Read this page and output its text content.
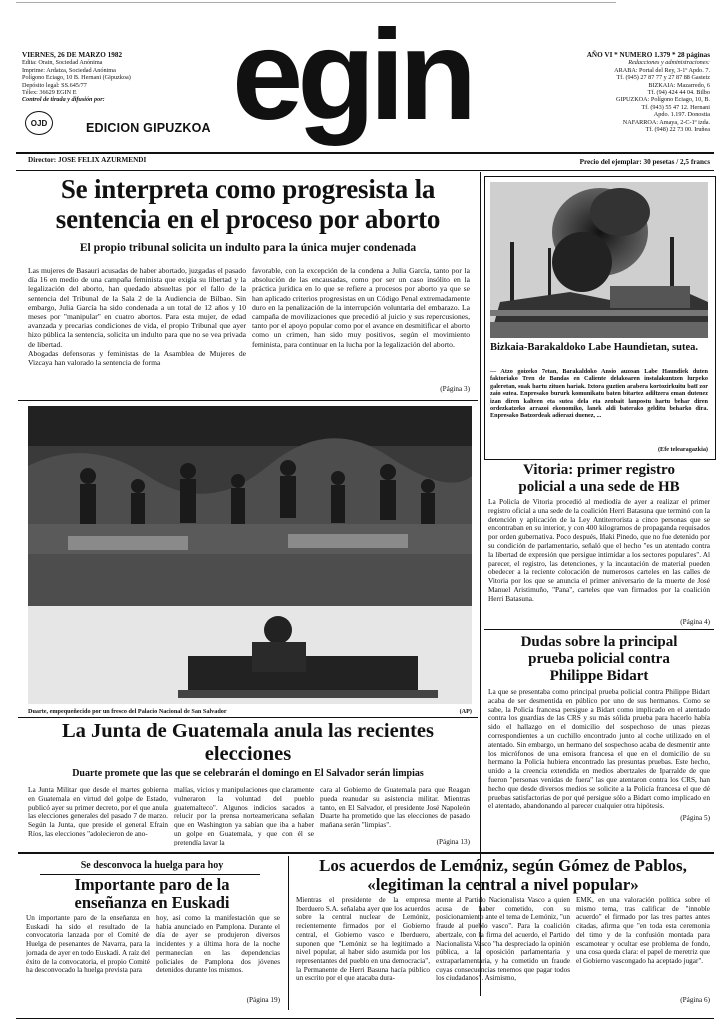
VIERNES, 26 DE MARZO 1982
Edita: Orain, Sociedad Anónima
Imprime: Ardatza, Sociedad Anónima
Polígono Eciago, 10 B. Hernani (Gipuzkoa)
Depósito legal: SS.645/77
Télex: 36629 EGIN E
Control de tirada y difusión por:
OJD	EDICION GIPUZKOA egin	AÑO VI * NUMERO 1.379 * 28 páginas
Redacciones y administraciones:
ARABA: Portal del Rey, 3-1º Apdo. 7.
Tf. (945) 27 87 77 y 27 87 88 Gasteiz
BIZKAIA: Mazarredo, 6
Tf. (94) 424 44 04. Bilbo
GIPUZKOA: Polígono Eciago, 10, B.
Tf. (943) 55 47 12. Hernani
Apdo. 1.197. Donostia
NAFARROA: Amaya, 2-C-1º izda.
Tf. (948) 22 73 00. Iruñea
Director: JOSE FELIX AZURMENDI	Precio del ejemplar: 30 pesetas / 2,5 francs
Se interpreta como progresista la
sentencia en el proceso por aborto
El propio tribunal solicita un indulto para la única mujer condenada
Las mujeres de Basauri acusadas de haber abortado, juzgadas el pasado día 16 en medio de una campaña feminista que exigía su libertad y la legalización del aborto, han quedado absueltas por el fallo de la sentencia del Tribunal de la Sala 2 de la Audiencia de Bilbao. Sin embargo, Julia García ha sido condenada a un total de 12 años y 10 meses por "manipular" en cuatro abortos. Para esta mujer, de edad avanzada y precarias condiciones de vida, el propio Tribunal que ayer hizo pública la sentencia, solicita un indulto para que no se vea privada de libertad.
Abogadas defensoras y feministas de la Asamblea de Mujeres de Vizcaya han valorado la sentencia de forma
favorable, con la excepción de la condena a Julia García, tanto por la absolución de las encausadas, como por ser un caso insólito en la práctica jurídica en lo que se refiere a procesos por aborto ya que se han aplicado criterios progresistas en un Código Penal extremadamente duro en la penalización de la interrupción voluntaria del embarazo. La campaña de movilizaciones que precedió al juicio y sus repercusiones, tanto por el apoyo popular como por el avance en desmitificar el aborto como un crimen, han sido muy positivos, según el movimiento feminista, para continuar en la lucha por la legalización del aborto.
(Página 3)
Bizkaia-Barakaldoko Labe Haundietan, sutea.
— Atzo goizeko 7etan, Barakaldoko Ansio auzoan Labe Haundiek duten faktoriako Tren de Bandas en Caliente delakoaren instalakuntzen lurpeko galeretan, suak hartu zituen hariak. Ixtora guztien arabera kortozirkuitu batī zor zaio sutea. Enpresako bururk komunikatu baten bitartez adiltzera eman dutenez izan diren kalteen eta sutea dela eta zenbait lanpostu hartu behar diren ordezkatzeko arrazoi ekonomiko, lanek aldi baterako gelditu beharko dira. Enpresako Batzordeak adierazi duenez, ...
(Efe telearagazkia)
Vitoria: primer registro
policial a una sede de HB
La Policía de Vitoria procedió al mediodía de ayer a realizar el primer registro oficial a una sede de la coalición Herri Batasuna que terminó con la detención y aplicación de la Ley Antiterrorista a cinco personas que se encontraban en su interior, y con 400 kilogramos de propaganda requisados por orden gubernativa. Poco después, Iñaki Pinedo, que no fue detenido por su condición de parlamentario, señaló que el hecho "es un atentado contra la libertad de expresión que persigue intimidar a los sectores populares". Al parecer, el registro, las detenciones, y la incautación de material pueden obedecer a la reciente colocación de numerosos carteles en las calles de Vitoria por los que se anuncia el primer aniversario de la muerte de José Manuel Aristimuño, "Pana", carteles que van firmados por la coalición Herri Batasuna.
(Página 4)
Dudas sobre la principal
prueba policial contra
Philippe Bidart
La que se presentaba como principal prueba policial contra Philippe Bidart acaba de ser desmentida en público por uno de sus hermanos. Como se sabe, la Policía francesa persigue a Bidart como implicado en el atentado contra los guardias de las CRS y su más sólida prueba para hacerlo había sido el hallazgo en el domicilio del sospechoso de unas piezas correspondientes a un cuchillo encontrado junto al coche utilizado en el atentado. Sin embargo, un hermano del sospechoso acaba de desmentir ante los micrófonos de una emisora francesa el que en el domicilio de su hermano la Policía hubiera encontrado las presuntas pruebas. Este hecho, unido a la creencia extendida en medios abertzales de Iparralde de que fueron "personas venidas de fuera" las que atentaron contra los CRS, han hecho que desde diversos medios se solicite a la Policía francesa el que dé pruebas satisfactorias de por qué persigue sólo a Bidart como implicado en el atentado, abandonando al parecer cualquier otra hipótesis.
(Página 5)
Duarte, empequeñecido por un fresco del Palacio Nacional de San Salvador	(AP)
La Junta de Guatemala anula las recientes
elecciones
Duarte promete que las que se celebrarán el domingo en El Salvador serán limpias
La Junta Militar que desde el martes gobierna en Guatemala en virtud del golpe de Estado, publicó ayer su primer decreto, por el que anula las elecciones generales del pasado 7 de marzo. Según la Junta, que preside el general Efraín Ríos, las elecciones "adolecieron de ano-
malías, vicios y manipulaciones que claramente vulneraron la voluntad del pueblo guatemalteco". Algunos indicios sacados a relucir por la prensa norteamericana señalan que en Washington ya sabían que iba a haber un golpe en Guatemala, y que con él se pretendía lavar la
cara al Gobierno de Guatemala para que Reagan pueda reanudar su asistencia militar. Mientras tanto, en El Salvador, el presidente José Napoleón Duarte ha prometido que las elecciones de pasado mañana serán "limpias".
(Página 13)
Se desconvoca la huelga para hoy
Importante paro de la
enseñanza en Euskadi
Un importante paro de la enseñanza en Euskadi ha sido el resultado de la convocatoria lanzada por el Comité de Huelga de pesenantes de Navarra, para la jornada de ayer en todo Euskadi. A raíz del éxito de la convocatoria, el propio Comité ha desconvocado la huelga prevista para
hoy, así como la manifestación que se había anunciado en Pamplona. Durante el día de ayer se produjeron diversos incidentes y a última hora de la noche permanecían en las dependencias policiales de Pamplona dos jóvenes detenidos durante los mismos.
(Página 19)
Los acuerdos de Lemóniz, según Gómez de Pablos,
«legitiman la central a nivel popular»
Mientras el presidente de la empresa Iberduero S.A. señalaba ayer que los acuerdos sobre la central nuclear de Lemóniz, recientemente firmados por el Gobierno central, el Gobierno vasco e Iberduero, suponen que "Lemóniz se ha legitimado a nivel popular, al haber sido asumida por los representantes del pueblo en una democracia", la Permanente de Herri Basuna hacía público un escrito por el que atacaba dura-
mente al Partido Nacionalista Vasco a quien acusa de haber cometido, con su posicionamiento ante el tema de Lemóniz, "un fraude al pueblo vasco". Para la coalición abertzale, con la firma del acuerdo, el Partido Nacionalista Vasco "ha despreciado la opinión pública, a la oposición parlamentaria y extraparlamentaria, y ha cometido un fraude cuyas consecuencias tenemos que pagar todos los ciudadanos". Asimismo,
EMK, en una valoración política sobre el mismo tema, tras calificar de "innoble acuerdo" el firmado por las tres partes antes citadas, afirma que "en toda esta ceremonia del timo y de la confusión montada para escamotear y ocultar ese problema de fondo, una cosa queda clara: el papel de meretriz que el Gobierno vascongado ha aceptado jugar".
(Página 6)
